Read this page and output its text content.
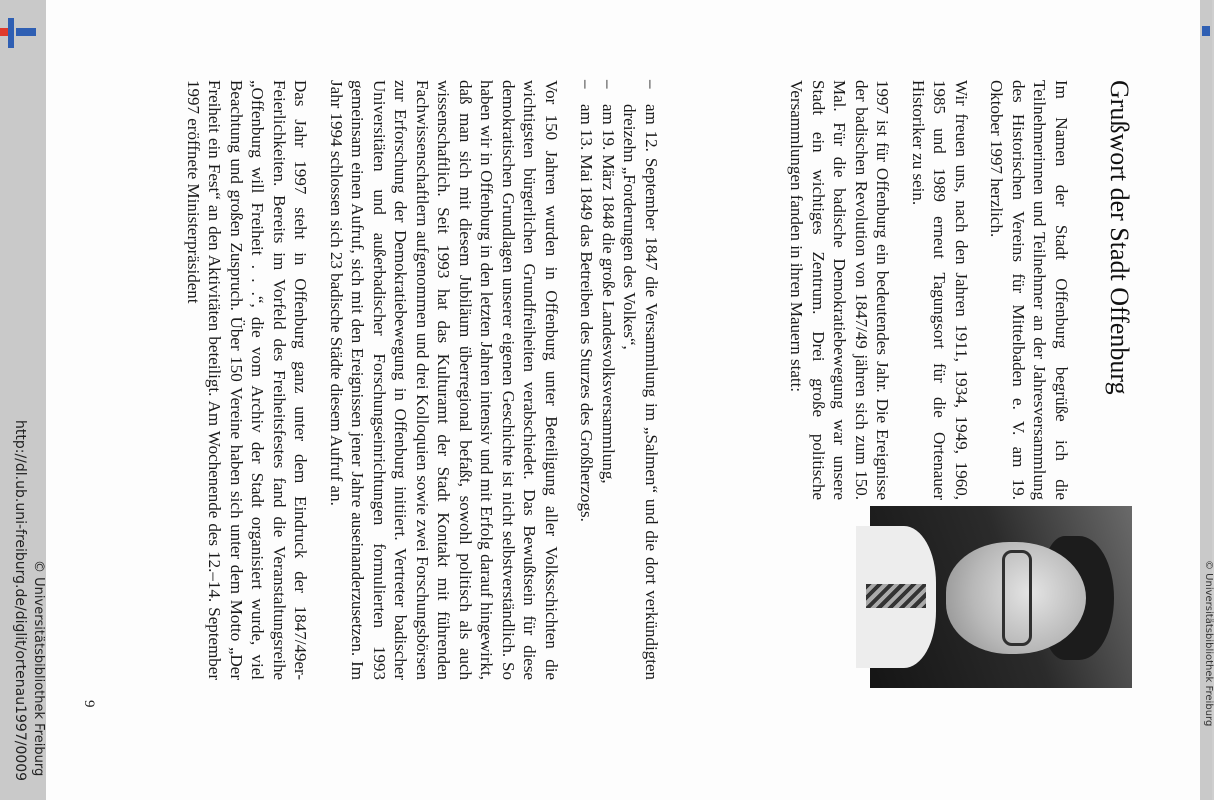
Grußwort der Stadt Offenburg

Im Namen der Stadt Offenburg begrüße ich die Teilnehmerinnen und Teilnehmer an der Jahresversammlung des Historischen Vereins für Mittelbaden e. V. am 19. Oktober 1997 herzlich.

Wir freuen uns, nach den Jahren 1911, 1934, 1949, 1960, 1985 und 1989 erneut Tagungsort für die Ortenauer Historiker zu sein.

1997 ist für Offenburg ein bedeutendes Jahr. Die Ereignisse der badischen Revolution von 1847/49 jähren sich zum 150. Mal. Für die badische Demokratiebewegung war unsere Stadt ein wichtiges Zentrum. Drei große politische Versammlungen fanden in ihren Mauern statt:

– am 12. September 1847 die Versammlung im „Salmen“ und die dort verkündigten dreizehn „Forderungen des Volkes“,
– am 19. März 1848 die große Landesvolksversammlung,
– am 13. Mai 1849 das Betreiben des Sturzes des Großherzogs.

Vor 150 Jahren wurden in Offenburg unter Beteiligung aller Volksschichten die wichtigsten bürgerlichen Grundfreiheiten verabschiedet. Das Bewußtsein für diese demokratischen Grundlagen unserer eigenen Geschichte ist nicht selbstverständlich. So haben wir in Offenburg in den letzten Jahren intensiv und mit Erfolg darauf hingewirkt, daß man sich mit diesem Jubiläum überregional befaßt, sowohl politisch als auch wissenschaftlich. Seit 1993 hat das Kulturamt der Stadt Kontakt mit führenden Fachwissenschaftlern aufgenommen und drei Kolloquien sowie zwei Forschungsbörsen zur Erforschung der Demokratiebewegung in Offenburg initiiert. Vertreter badischer Universitäten und außerbadischer Forschungseinrichtungen formulierten 1993 gemeinsam einen Aufruf, sich mit den Ereignissen jener Jahre auseinanderzusetzen. Im Jahr 1994 schlossen sich 23 badische Städte diesem Aufruf an.

Das Jahr 1997 steht in Offenburg ganz unter dem Eindruck der 1847/49er-Feierlichkeiten. Bereits im Vorfeld des Freiheitsfestes fand die Veranstaltungsreihe „Offenburg will Freiheit . . .“, die vom Archiv der Stadt organisiert wurde, viel Beachtung und großen Zuspruch. Über 150 Vereine haben sich unter dem Motto „Der Freiheit ein Fest“ an den Aktivitäten beteiligt. Am Wochenende des 12.–14. September 1997 eröffnete Ministerpräsident

9
http://dl.ub.uni-freiburg.de/diglit/ortenau1997/0009 © Universitätsbibliothek Freiburg	© Universitätsbibliothek Freiburg
